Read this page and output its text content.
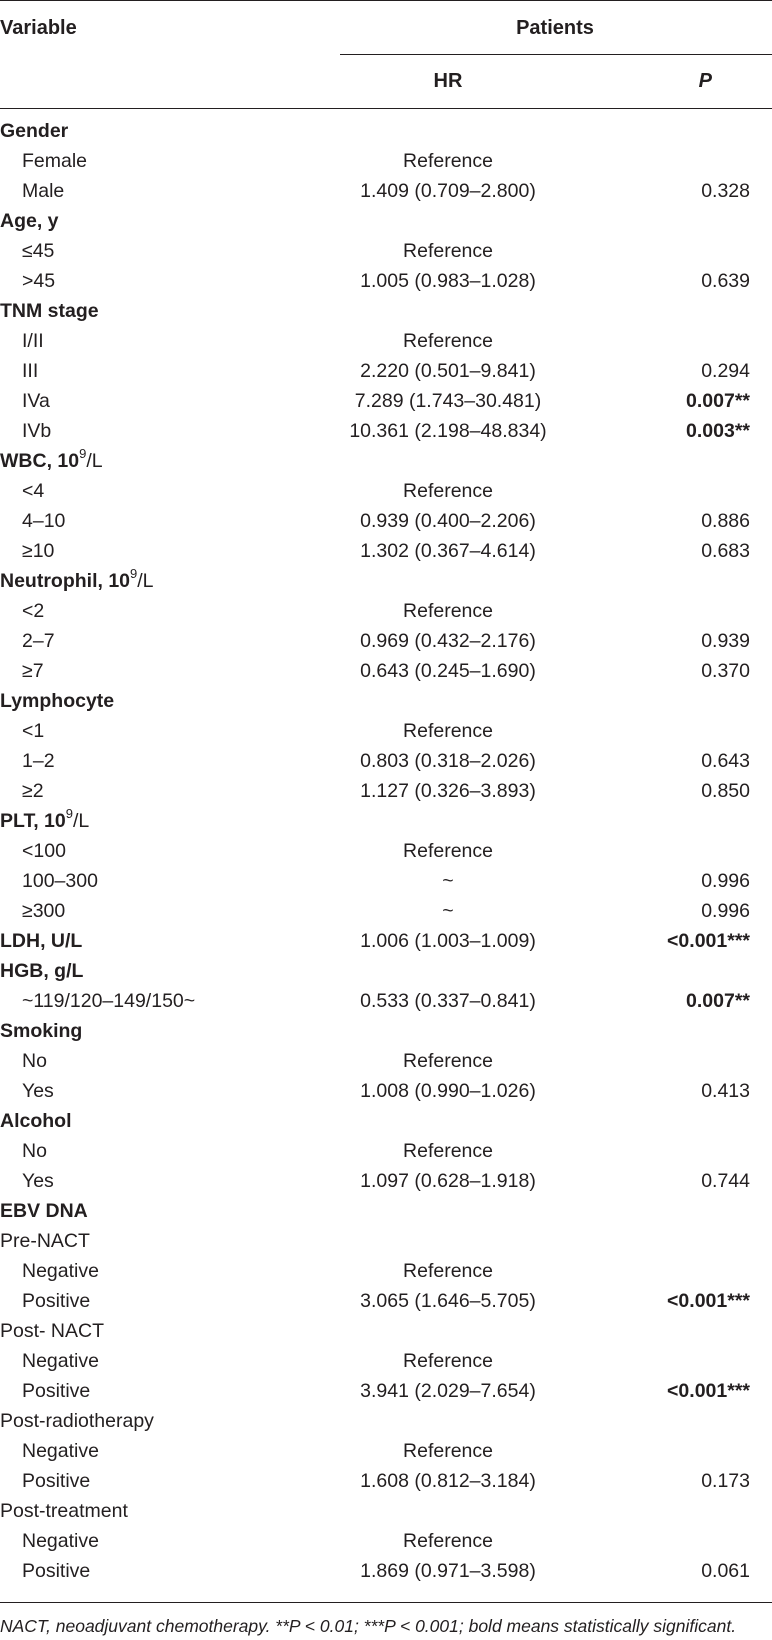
Variable	Patients
HR	P
Gender
Female	Reference
Male	1.409 (0.709–2.800)	0.328
Age, y
≤45	Reference
>45	1.005 (0.983–1.028)	0.639
TNM stage
I/II	Reference
III	2.220 (0.501–9.841)	0.294
IVa	7.289 (1.743–30.481)	0.007**
IVb	10.361 (2.198–48.834)	0.003**
WBC, $10^9/L$
<4	Reference
4–10	0.939 (0.400–2.206)	0.886
≥10	1.302 (0.367–4.614)	0.683
Neutrophil, $10^9/L$
<2	Reference
2–7	0.969 (0.432–2.176)	0.939
≥7	0.643 (0.245–1.690)	0.370
Lymphocyte
<1	Reference
1–2	0.803 (0.318–2.026)	0.643
≥2	1.127 (0.326–3.893)	0.850
PLT, $10^9/L$
<100	Reference
100–300	~	0.996
≥300	~	0.996
LDH, U/L	1.006 (1.003–1.009)	<0.001***
HGB, g/L
~119/120–149/150~	0.533 (0.337–0.841)	0.007**
Smoking
No	Reference
Yes	1.008 (0.990–1.026)	0.413
Alcohol
No	Reference
Yes	1.097 (0.628–1.918)	0.744
EBV DNA
Pre-NACT
Negative	Reference
Positive	3.065 (1.646–5.705)	<0.001***
Post- NACT
Negative	Reference
Positive	3.941 (2.029–7.654)	<0.001***
Post-radiotherapy
Negative	Reference
Positive	1.608 (0.812–3.184)	0.173
Post-treatment
Negative	Reference
Positive	1.869 (0.971–3.598)	0.061
NACT, neoadjuvant chemotherapy. **P < 0.01; ***P < 0.001; bold means statistically significant.
